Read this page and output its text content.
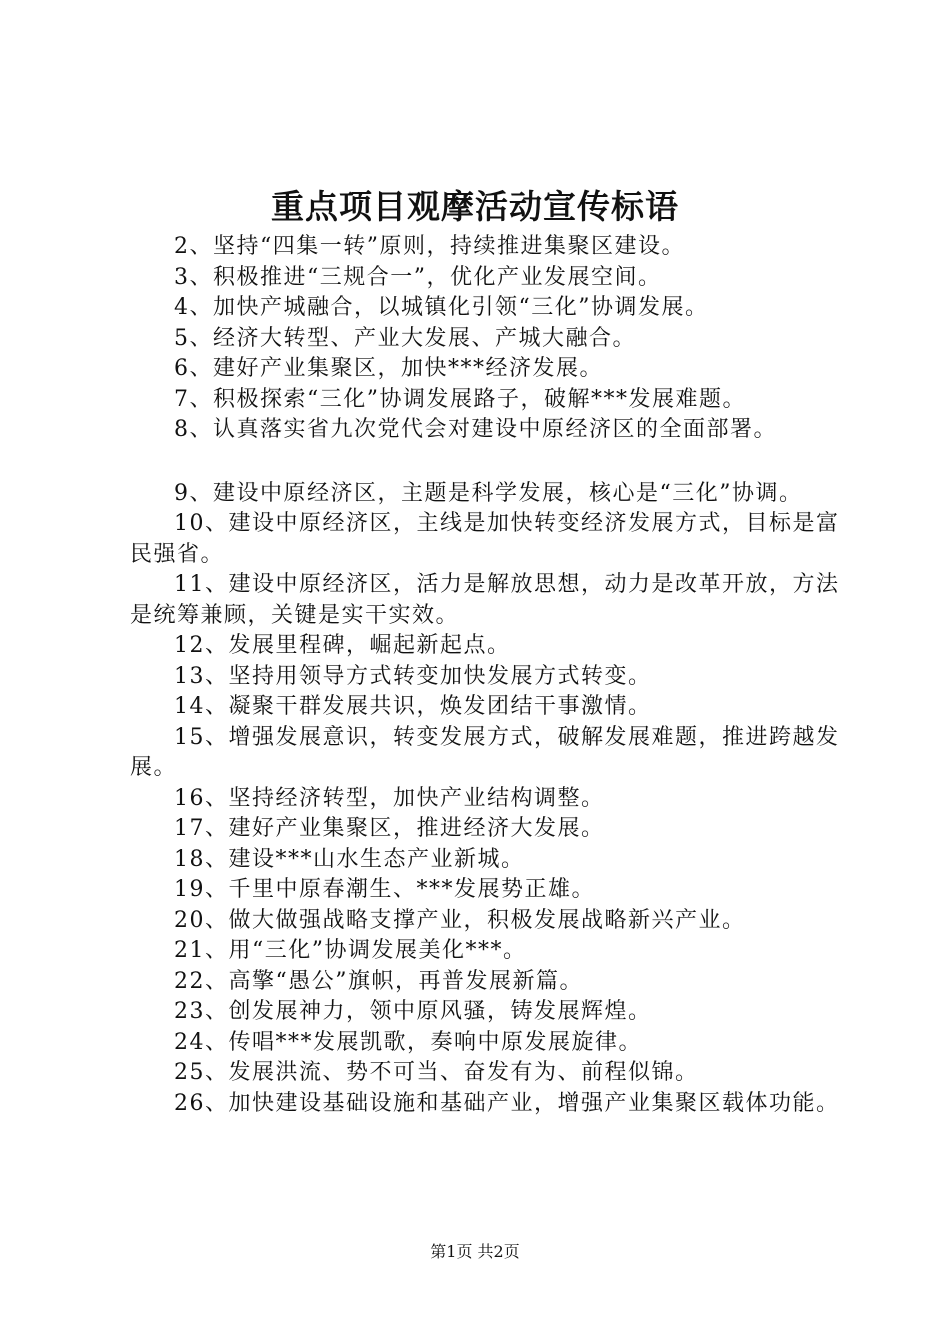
重点项目观摩活动宣传标语

2、坚持“四集一转”原则，持续推进集聚区建设。

3、积极推进“三规合一”，优化产业发展空间。

4、加快产城融合，以城镇化引领“三化”协调发展。

5、经济大转型、产业大发展、产城大融合。

6、建好产业集聚区，加快***经济发展。

7、积极探索“三化”协调发展路子，破解***发展难题。

8、认真落实省九次党代会对建设中原经济区的全面部署。

9、建设中原经济区，主题是科学发展，核心是“三化”协调。

10、建设中原经济区，主线是加快转变经济发展方式，目标是富民强省。

11、建设中原经济区，活力是解放思想，动力是改革开放，方法是统筹兼顾，关键是实干实效。

12、发展里程碑，崛起新起点。

13、坚持用领导方式转变加快发展方式转变。

14、凝聚干群发展共识，焕发团结干事激情。

15、增强发展意识，转变发展方式，破解发展难题，推进跨越发展。

16、坚持经济转型，加快产业结构调整。

17、建好产业集聚区，推进经济大发展。

18、建设***山水生态产业新城。

19、千里中原春潮生、***发展势正雄。

20、做大做强战略支撑产业，积极发展战略新兴产业。

21、用“三化”协调发展美化***。

22、高擎“愚公”旗帜，再普发展新篇。

23、创发展神力，领中原风骚，铸发展辉煌。

24、传唱***发展凯歌，奏响中原发展旋律。

25、发展洪流、势不可当、奋发有为、前程似锦。

26、加快建设基础设施和基础产业，增强产业集聚区载体功能。

第1页 共2页
